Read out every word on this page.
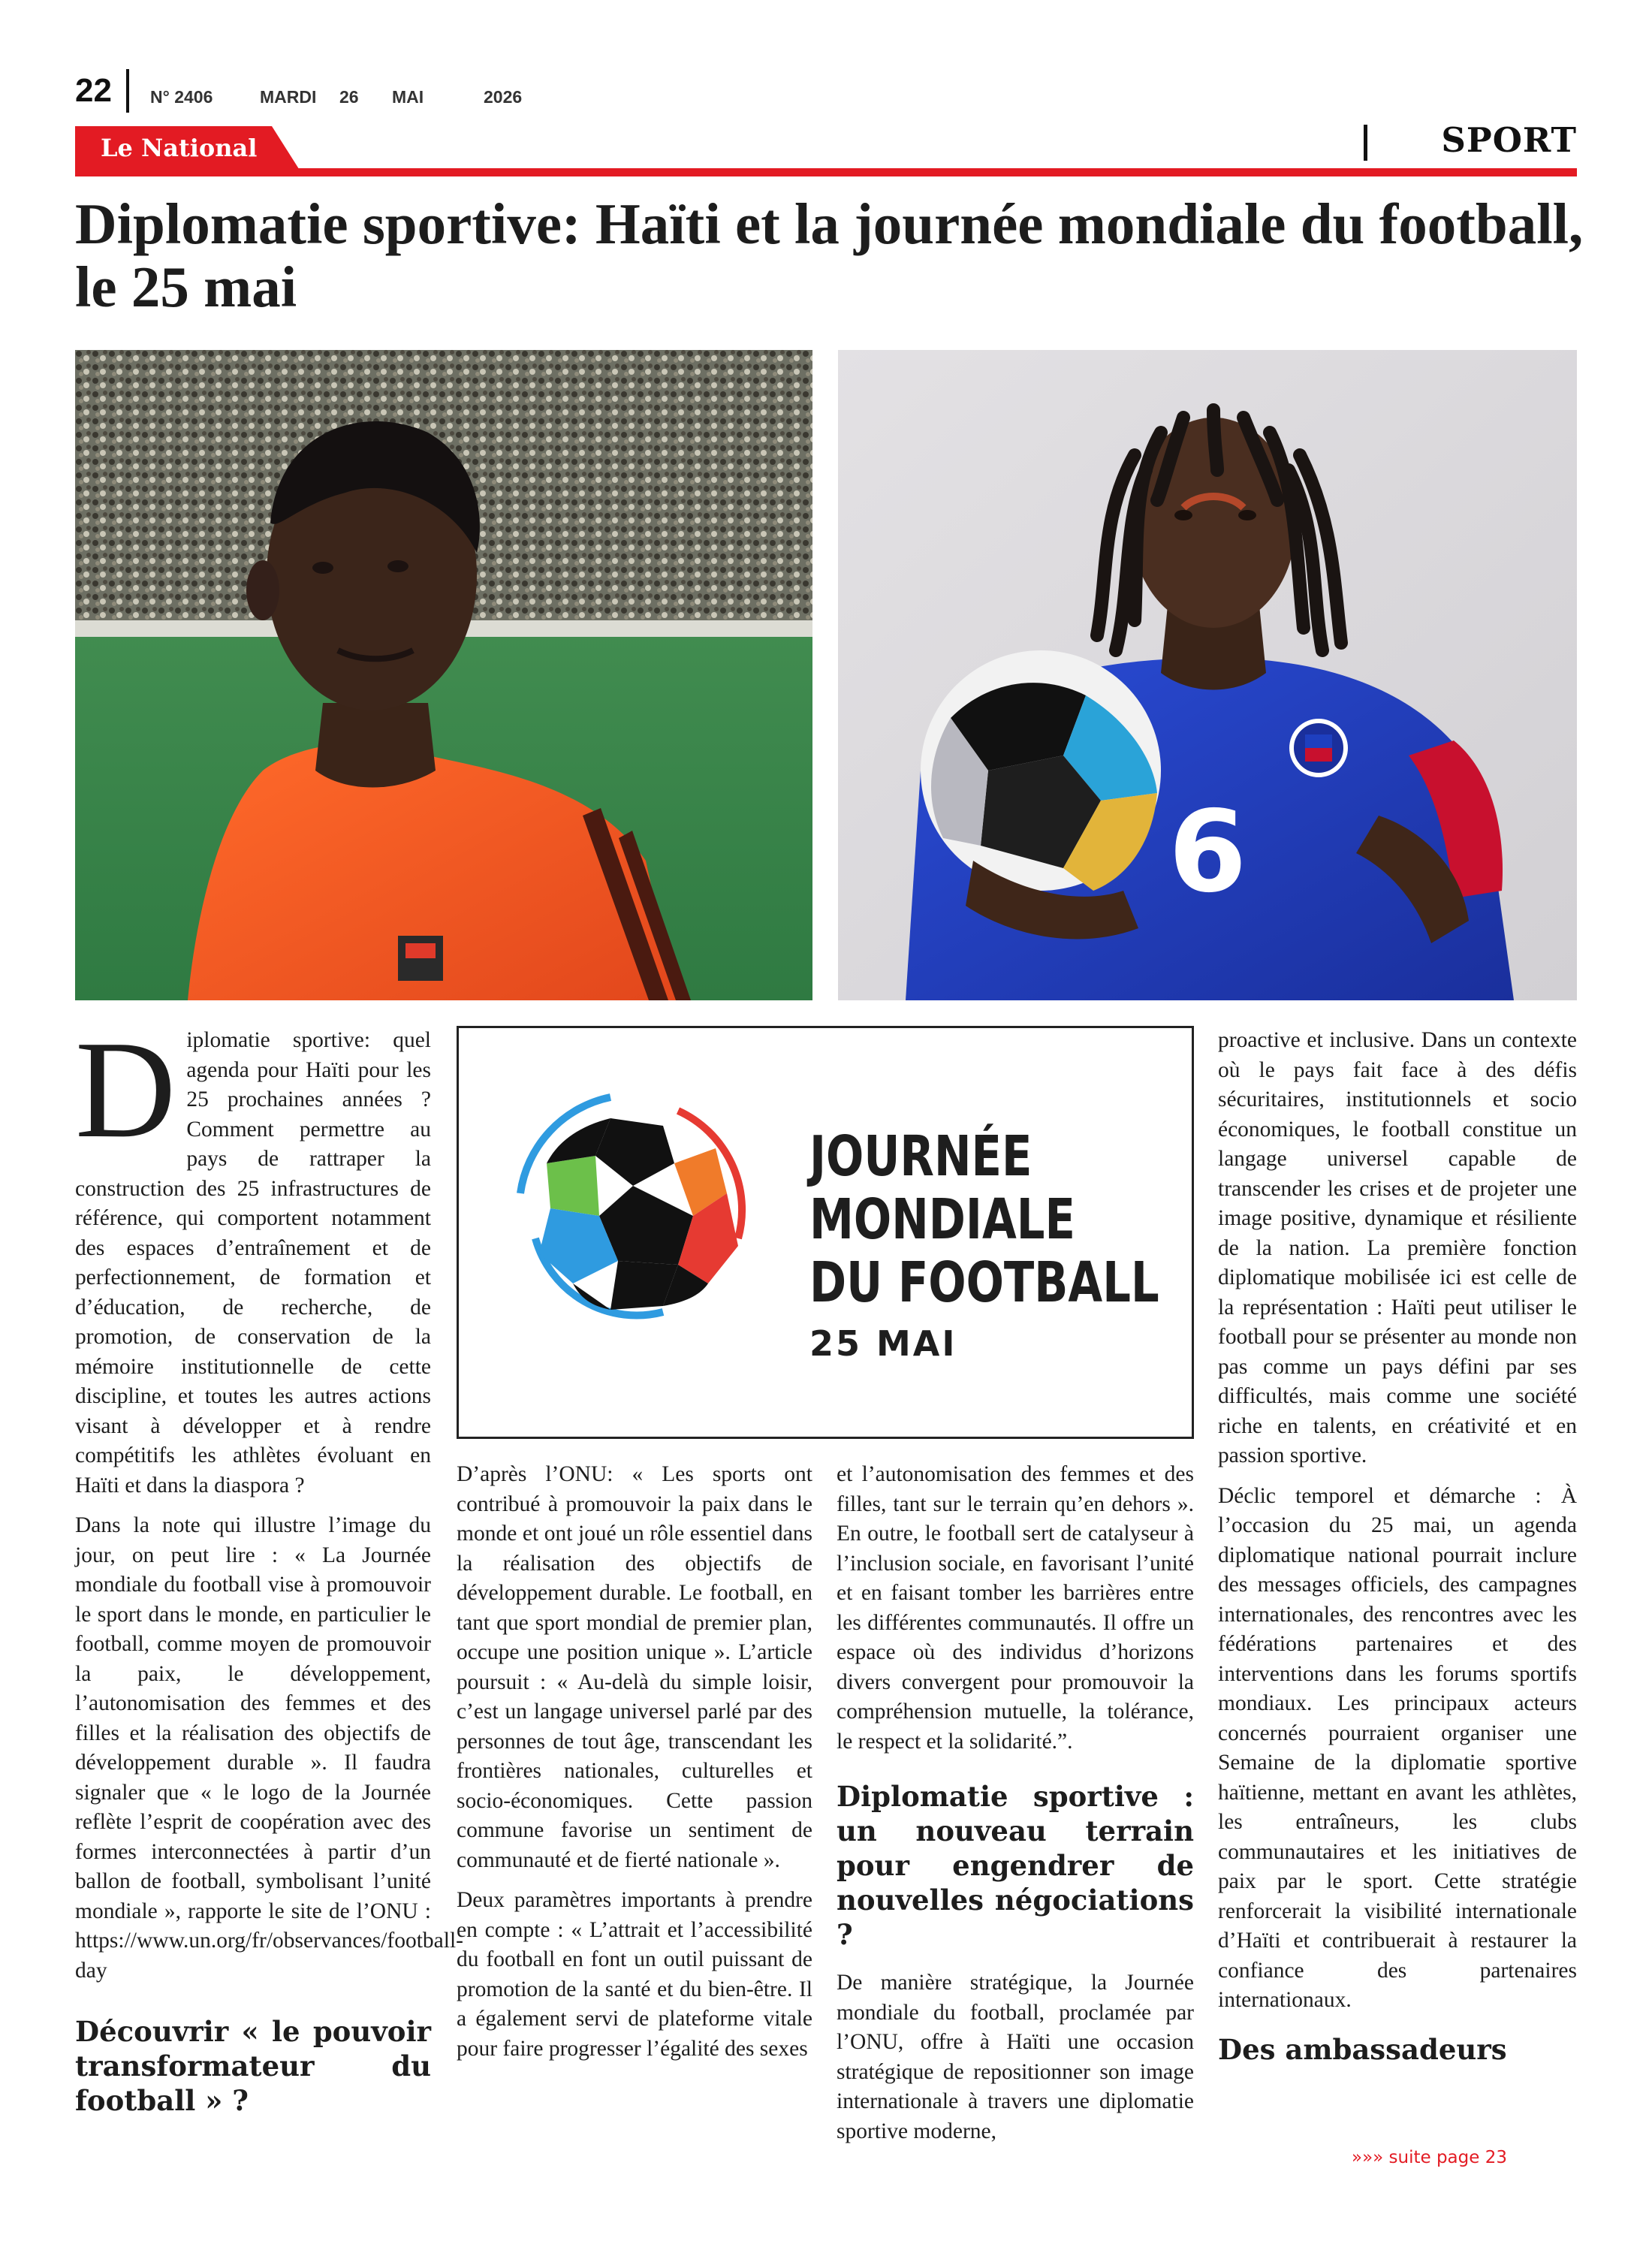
22 N° 2406	MARDI 26 MAI	2026
Le National	SPORT
Diplomatie sportive: Haïti et la journée mondiale du football, le 25 mai
6
JOURNÉE
MONDIALE
DU FOOTBALL
25 MAI

Diplomatie sportive: quel agenda pour Haïti pour les 25 prochaines années ? Comment permettre au pays de rattraper la construction des 25 infrastructures de référence, qui comportent notamment des espaces d’entraînement et de perfectionnement, de formation et d’éducation, de recherche, de promotion, de conservation de la mémoire institutionnelle de cette discipline, et toutes les autres actions visant à développer et à rendre compétitifs les athlètes évoluant en Haïti et dans la diaspora ?

Dans la note qui illustre l’image du jour, on peut lire : « La Journée mondiale du football vise à promouvoir le sport dans le monde, en particulier le football, comme moyen de promouvoir la paix, le développement, l’autonomisation des femmes et des filles et la réalisation des objectifs de développement durable ». Il faudra signaler que « le logo de la Journée reflète l’esprit de coopération avec des formes interconnectées à partir d’un ballon de football, symbolisant l’unité mondiale », rapporte le site de l’ONU : https://www.un.org/fr/observances/football-day

Découvrir « le pouvoir transformateur du football » ?

D’après l’ONU: « Les sports ont contribué à promouvoir la paix dans le monde et ont joué un rôle essentiel dans la réalisation des objectifs de développement durable. Le football, en tant que sport mondial de premier plan, occupe une position unique ». L’article poursuit : « Au-delà du simple loisir, c’est un langage universel parlé par des personnes de tout âge, transcendant les frontières nationales, culturelles et socio-économiques. Cette passion commune favorise un sentiment de communauté et de fierté nationale ».

Deux paramètres importants à prendre en compte : « L’attrait et l’accessibilité du football en font un outil puissant de promotion de la santé et du bien-être. Il a également servi de plateforme vitale pour faire progresser l’égalité des sexes

et l’autonomisation des femmes et des filles, tant sur le terrain qu’en dehors ». En outre, le football sert de catalyseur à l’inclusion sociale, en favorisant l’unité et en faisant tomber les barrières entre les différentes communautés. Il offre un espace où des individus d’horizons divers convergent pour promouvoir la compréhension mutuelle, la tolérance, le respect et la solidarité.”.

Diplomatie sportive : un nouveau terrain pour engendrer de nouvelles négociations ?

De manière stratégique, la Journée mondiale du football, proclamée par l’ONU, offre à Haïti une occasion stratégique de repositionner son image internationale à travers une diplomatie sportive moderne,

proactive et inclusive. Dans un contexte où le pays fait face à des défis sécuritaires, institutionnels et socio économiques, le football constitue un langage universel capable de transcender les crises et de projeter une image positive, dynamique et résiliente de la nation. La première fonction diplomatique mobilisée ici est celle de la représentation : Haïti peut utiliser le football pour se présenter au monde non pas comme un pays défini par ses difficultés, mais comme une société riche en talents, en créativité et en passion sportive.

Déclic temporel et démarche : À l’occasion du 25 mai, un agenda diplomatique national pourrait inclure des messages officiels, des campagnes internationales, des rencontres avec les fédérations partenaires et des interventions dans les forums sportifs mondiaux. Les principaux acteurs concernés pourraient organiser une Semaine de la diplomatie sportive haïtienne, mettant en avant les athlètes, les entraîneurs, les clubs communautaires et les initiatives de paix par le sport. Cette stratégie renforcerait la visibilité internationale d’Haïti et contribuerait à restaurer la confiance des partenaires internationaux.

Des ambassadeurs
»»» suite page 23
